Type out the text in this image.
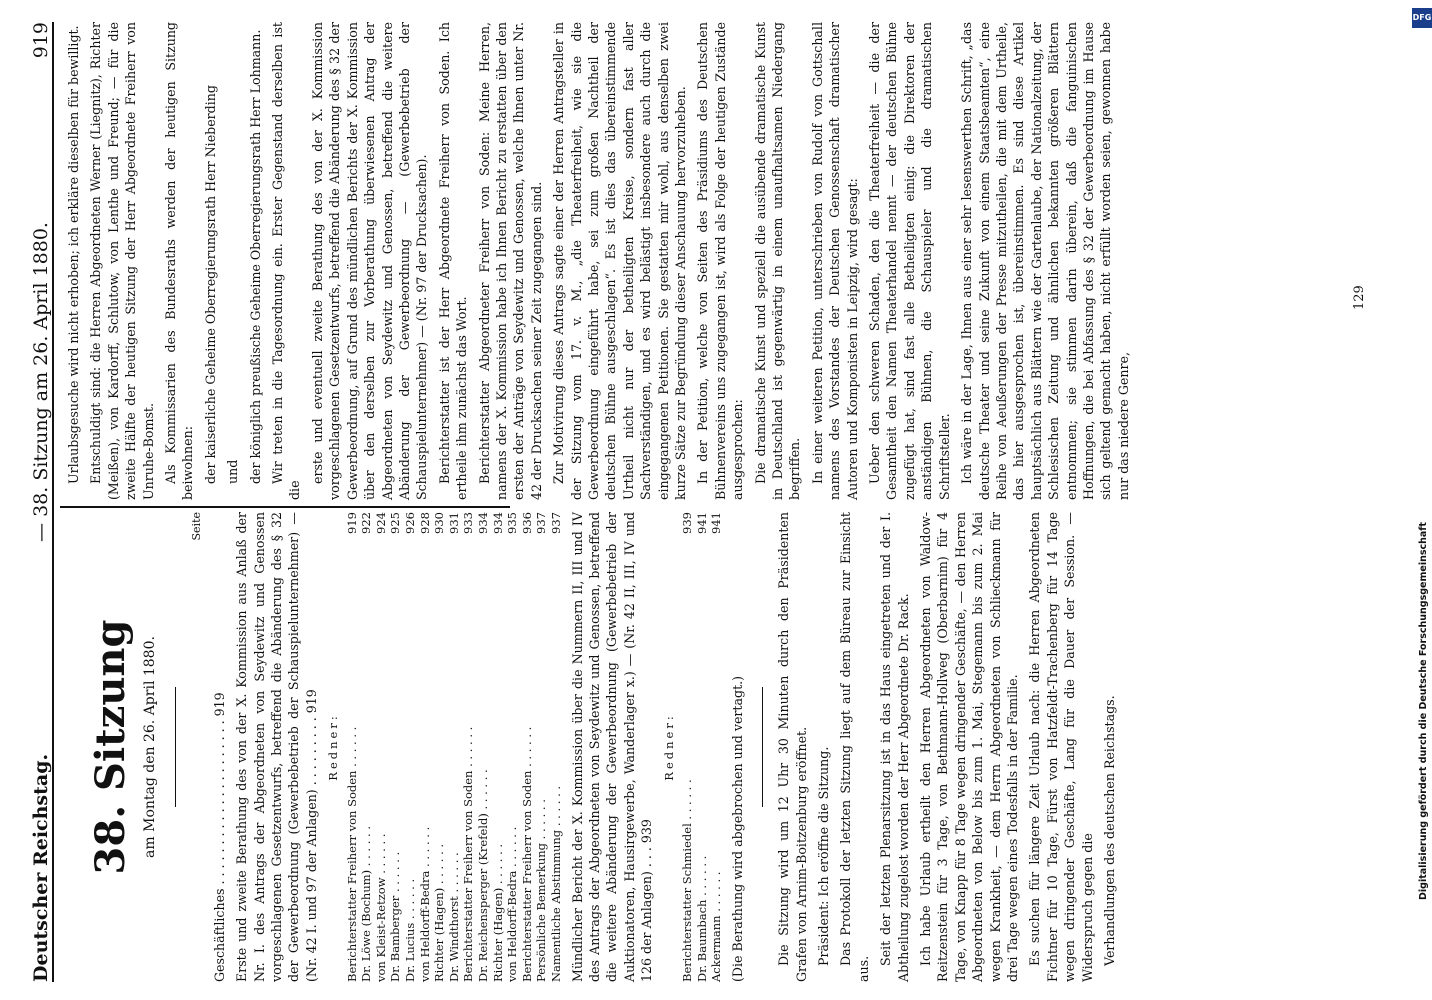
Deutscher Reichstag.
— 38. Sitzung am 26. April 1880.
919
38. Sitzung am Montag den 26. April 1880.
Seite
Geschäftliches . . . . . . . . . . . . . . . . . . . . . 919 Erste und zweite Berathung des von der X. Kommission aus Anlaß der Nr. I. des Antrags der Abgeordneten von Seydewitz und Genossen vorgeschlagenen Gesetzentwurfs, betreffend die Abänderung des § 32 der Gewerbeordnung (Gewerbebetrieb der Schauspielunternehmer) — (Nr. 42 I. und 97 der Anlagen) . . . . . . . . . 919 Redner: Berichterstatter Freiherr von Soden . . . . . .
919
Dr. Löwe (Bochum) . . . . . .
922
von Kleist-Retzow . . . . . .
924
Dr. Bamberger . . . . . .
925
Dr. Lucius . . . . . .
926
von Heldorff-Bedra . . . . . .
928
Richter (Hagen) . . . . . .
930
Dr. Windthorst . . . . . .
931
Berichterstatter Freiherr von Soden . . . . . .
933
Dr. Reichensperger (Krefeld) . . . . . .
934
Richter (Hagen) . . . . . .
934
von Heldorff-Bedra . . . . . .
935
Berichterstatter Freiherr von Soden . . . . . .
936
Persönliche Bemerkung . . . . . .
937
Namentliche Abstimmung . . . . . .
937 Mündlicher Bericht der X. Kommission über die Nummern II, III und IV des Antrags der Abgeordneten von Seydewitz und Genossen, betreffend die weitere Abänderung der Gewerbeordnung (Gewerbebetrieb der Auktionatoren, Hausirgewerbe, Wanderlager x.) — (Nr. 42 II, III, IV und 126 der Anlagen) . . . 939
Redner:
Berichterstatter Schmiedel . . . . . .
939
Dr. Baumbach . . . . . .
941
Ackermann . . . . . .
941
(Die Berathung wird abgebrochen und vertagt.) Die Sitzung wird um 12 Uhr 30 Minuten durch den Präsidenten Grafen von Arnim-Boitzenburg eröffnet. Präsident: Ich eröffne die Sitzung. Das Protokoll der letzten Sitzung liegt auf dem Büreau zur Einsicht aus.
Seit der letzten Plenarsitzung ist in das Haus eingetreten und der I. Abtheilung zugelost worden der Herr Abgeordnete Dr. Rack. Ich habe Urlaub ertheilt den Herren Abgeordneten von Waldow-Reitzenstein für 3 Tage, von Bethmann-Hollweg (Oberbarnim) für 4 Tage, von Knapp für 8 Tage wegen dringender Geschäfte, — den Herren Abgeordneten von Below bis zum 1. Mai, Stegemann bis zum 2. Mai wegen Krankheit, — dem Herrn Abgeordneten von Schlieckmann für drei Tage wegen eines Todesfalls in der Familie. Es suchen für längere Zeit Urlaub nach: die Herren Abgeordneten Fichtner für 10 Tage, Fürst von Hatzfeldt-Trachenberg für 14 Tage wegen dringender Geschäfte, Lang für die Dauer der Session. — Widerspruch gegen die Verhandlungen des deutschen Reichstags.
Urlaubsgesuche wird nicht erhoben; ich erkläre dieselben für bewilligt. Entschuldigt sind: die Herren Abgeordneten Werner (Liegnitz), Richter (Meißen), von Kardorff, Schlutow, von Lenthe und Freund; — für die zweite Hälfte der heutigen Sitzung der Herr Abgeordnete Freiherr von Unruhe-Bomst. Als Kommissarien des Bundesraths werden der heutigen Sitzung beiwohnen: der kaiserliche Geheime Oberregierungsrath Herr Nieberding und der königlich preußische Geheime Oberregierungsrath Herr Lohmann. Wir treten in die Tagesordnung ein. Erster Gegenstand derselben ist die
erste und eventuell zweite Berathung des von der X. Kommission vorgeschlagenen Gesetzentwurfs, betreffend die Abänderung des § 32 der Gewerbeordnung, auf Grund des mündlichen Berichts der X. Kommission über den derselben zur Vorberathung überwiesenen Antrag der Abgeordneten von Seydewitz und Genossen, betreffend die weitere Abänderung der Gewerbeordnung — (Gewerbebetrieb der Schauspielunternehmer) — (Nr. 97 der Drucksachen). Berichterstatter ist der Herr Abgeordnete Freiherr von Soden. Ich ertheile ihm zunächst das Wort. Berichterstatter Abgeordneter Freiherr von Soden: Meine Herren, namens der X. Kommission habe ich Ihnen Bericht zu erstatten über den ersten der Anträge von Seydewitz und Genossen, welche Ihnen unter Nr. 42 der Drucksachen seiner Zeit zugegangen sind. Zur Motivirung dieses Antrags sagte einer der Herren Antragsteller in der Sitzung vom 17. v. M., „die Theaterfreiheit, wie sie die Gewerbeordnung eingeführt habe, sei zum großen Nachtheil der deutschen Bühne ausgeschlagen“. Es ist dies das übereinstimmende Urtheil nicht nur der betheiligten Kreise, sondern fast aller Sachverständigen, und es wird belästigt insbesondere auch durch die eingegangenen Petitionen. Sie gestatten mir wohl, aus denselben zwei kurze Sätze zur Begründung dieser Anschauung hervorzuheben. In der Petition, welche von Seiten des Präsidiums des Deutschen Bühnenvereins uns zugegangen ist, wird als Folge der heutigen Zustände ausgesprochen: Die dramatische Kunst und speziell die ausübende dramatische Kunst in Deutschland ist gegenwärtig in einem unaufhaltsamen Niedergang begriffen. In einer weiteren Petition, unterschrieben von Rudolf von Gottschall namens des Vorstandes der Deutschen Genossenschaft dramatischer Autoren und Komponisten in Leipzig, wird gesagt: Ueber den schweren Schaden, den die Theaterfreiheit — die der Gesamtheit den Namen Theaterhandel nennt — der deutschen Bühne zugefügt hat, sind fast alle Betheiligten einig: die Direktoren der anständigen Bühnen, die Schauspieler und die dramatischen Schriftsteller. Ich wäre in der Lage, Ihnen aus einer sehr lesenswerthen Schrift, „das deutsche Theater und seine Zukunft von einem Staatsbeamten“, eine Reihe von Aeußerungen der Presse mitzutheilen, die mit dem Urtheile, das hier ausgesprochen ist, übereinstimmen. Es sind diese Artikel hauptsächlich aus Blättern wie der Gartenlaube, der Nationalzeitung, der Schlesischen Zeitung und ähnlichen bekannten größeren Blättern entnommen; sie stimmen darin überein, daß die fanguinischen Hoffnungen, die bei Abfassung des § 32 der Gewerbeordnung im Hause sich geltend gemacht haben, nicht erfüllt worden seien, gewonnen habe nur das niedere Genre,
129
DFG
Digitalisierung gefördert durch die Deutsche Forschungsgemeinschaft
